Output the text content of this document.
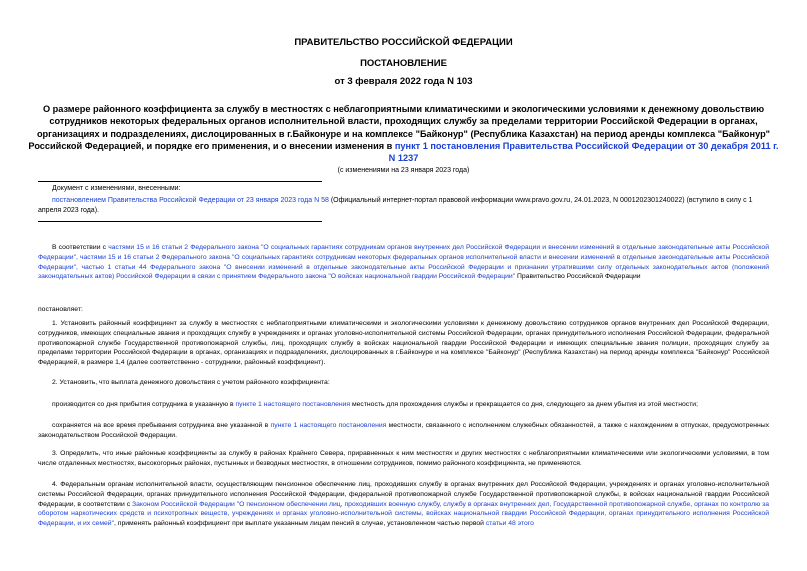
ПРАВИТЕЛЬСТВО РОССИЙСКОЙ ФЕДЕРАЦИИ
ПОСТАНОВЛЕНИЕ
от 3 февраля 2022 года N 103
О размере районного коэффициента за службу в местностях с неблагоприятными климатическими и экологическими условиями к денежному довольствию сотрудников некоторых федеральных органов исполнительной власти, проходящих службу за пределами территории Российской Федерации в органах, организациях и подразделениях, дислоцированных в г.Байконуре и на комплексе "Байконур" (Республика Казахстан) на период аренды комплекса "Байконур" Российской Федерацией, и порядке его применения, и о внесении изменения в пункт 1 постановления Правительства Российской Федерации от 30 декабря 2011 г. N 1237
(с изменениями на 23 января 2023 года)
Документ с изменениями, внесенными:
постановлением Правительства Российской Федерации от 23 января 2023 года N 58 (Официальный интернет-портал правовой информации www.pravo.gov.ru, 24.01.2023, N 0001202301240022) (вступило в силу с 1 апреля 2023 года).
В соответствии с частями 15 и 16 статьи 2 Федерального закона "О социальных гарантиях сотрудникам органов внутренних дел Российской Федерации и внесении изменений в отдельные законодательные акты Российской Федерации", частями 15 и 16 статьи 2 Федерального закона "О социальных гарантиях сотрудникам некоторых федеральных органов исполнительной власти и внесении изменений в отдельные законодательные акты Российской Федерации", частью 1 статьи 44 Федерального закона "О внесении изменений в отдельные законодательные акты Российской Федерации и признании утратившими силу отдельных законодательных актов (положений законодательных актов) Российской Федерации в связи с принятием Федерального закона "О войсках национальной гвардии Российской Федерации" Правительство Российской Федерации
постановляет:
1. Установить районный коэффициент за службу в местностях с неблагоприятными климатическими и экологическими условиями к денежному довольствию сотрудников органов внутренних дел Российской Федерации, сотрудников, имеющих специальные звания и проходящих службу в учреждениях и органах уголовно-исполнительной системы Российской Федерации, органах принудительного исполнения Российской Федерации, федеральной противопожарной службе Государственной противопожарной службы, лиц, проходящих службу в войсках национальной гвардии Российской Федерации и имеющих специальные звания полиции, проходящих службу за пределами территории Российской Федерации в органах, организациях и подразделениях, дислоцированных в г.Байконуре и на комплексе "Байконур" (Республика Казахстан) на период аренды комплекса "Байконур" Российской Федерацией, в размере 1,4 (далее соответственно - сотрудники, районный коэффициент).
2. Установить, что выплата денежного довольствия с учетом районного коэффициента:
производится со дня прибытия сотрудника в указанную в пункте 1 настоящего постановления местность для прохождения службы и прекращается со дня, следующего за днем убытия из этой местности;
сохраняется на все время пребывания сотрудника вне указанной в пункте 1 настоящего постановления местности, связанного с исполнением служебных обязанностей, а также с нахождением в отпусках, предусмотренных законодательством Российской Федерации.
3. Определить, что иные районные коэффициенты за службу в районах Крайнего Севера, приравненных к ним местностях и других местностях с неблагоприятными климатическими или экологическими условиями, в том числе отдаленных местностях, высокогорных районах, пустынных и безводных местностях, в отношении сотрудников, помимо районного коэффициента, не применяются.
4. Федеральным органам исполнительной власти, осуществляющим пенсионное обеспечение лиц, проходивших службу в органах внутренних дел Российской Федерации, учреждениях и органах уголовно-исполнительной системы Российской Федерации, органах принудительного исполнения Российской Федерации, федеральной противопожарной службе Государственной противопожарной службы, в войсках национальной гвардии Российской Федерации, в соответствии с Законом Российской Федерации "О пенсионном обеспечении лиц, проходивших военную службу, службу в органах внутренних дел, Государственной противопожарной службе, органах по контролю за оборотом наркотических средств и психотропных веществ, учреждениях и органах уголовно-исполнительной системы, войсках национальной гвардии Российской Федерации, органах принудительного исполнения Российской Федерации, и их семей", применять районный коэффициент при выплате указанным лицам пенсий в случае, установленном частью первой статьи 48 этого
